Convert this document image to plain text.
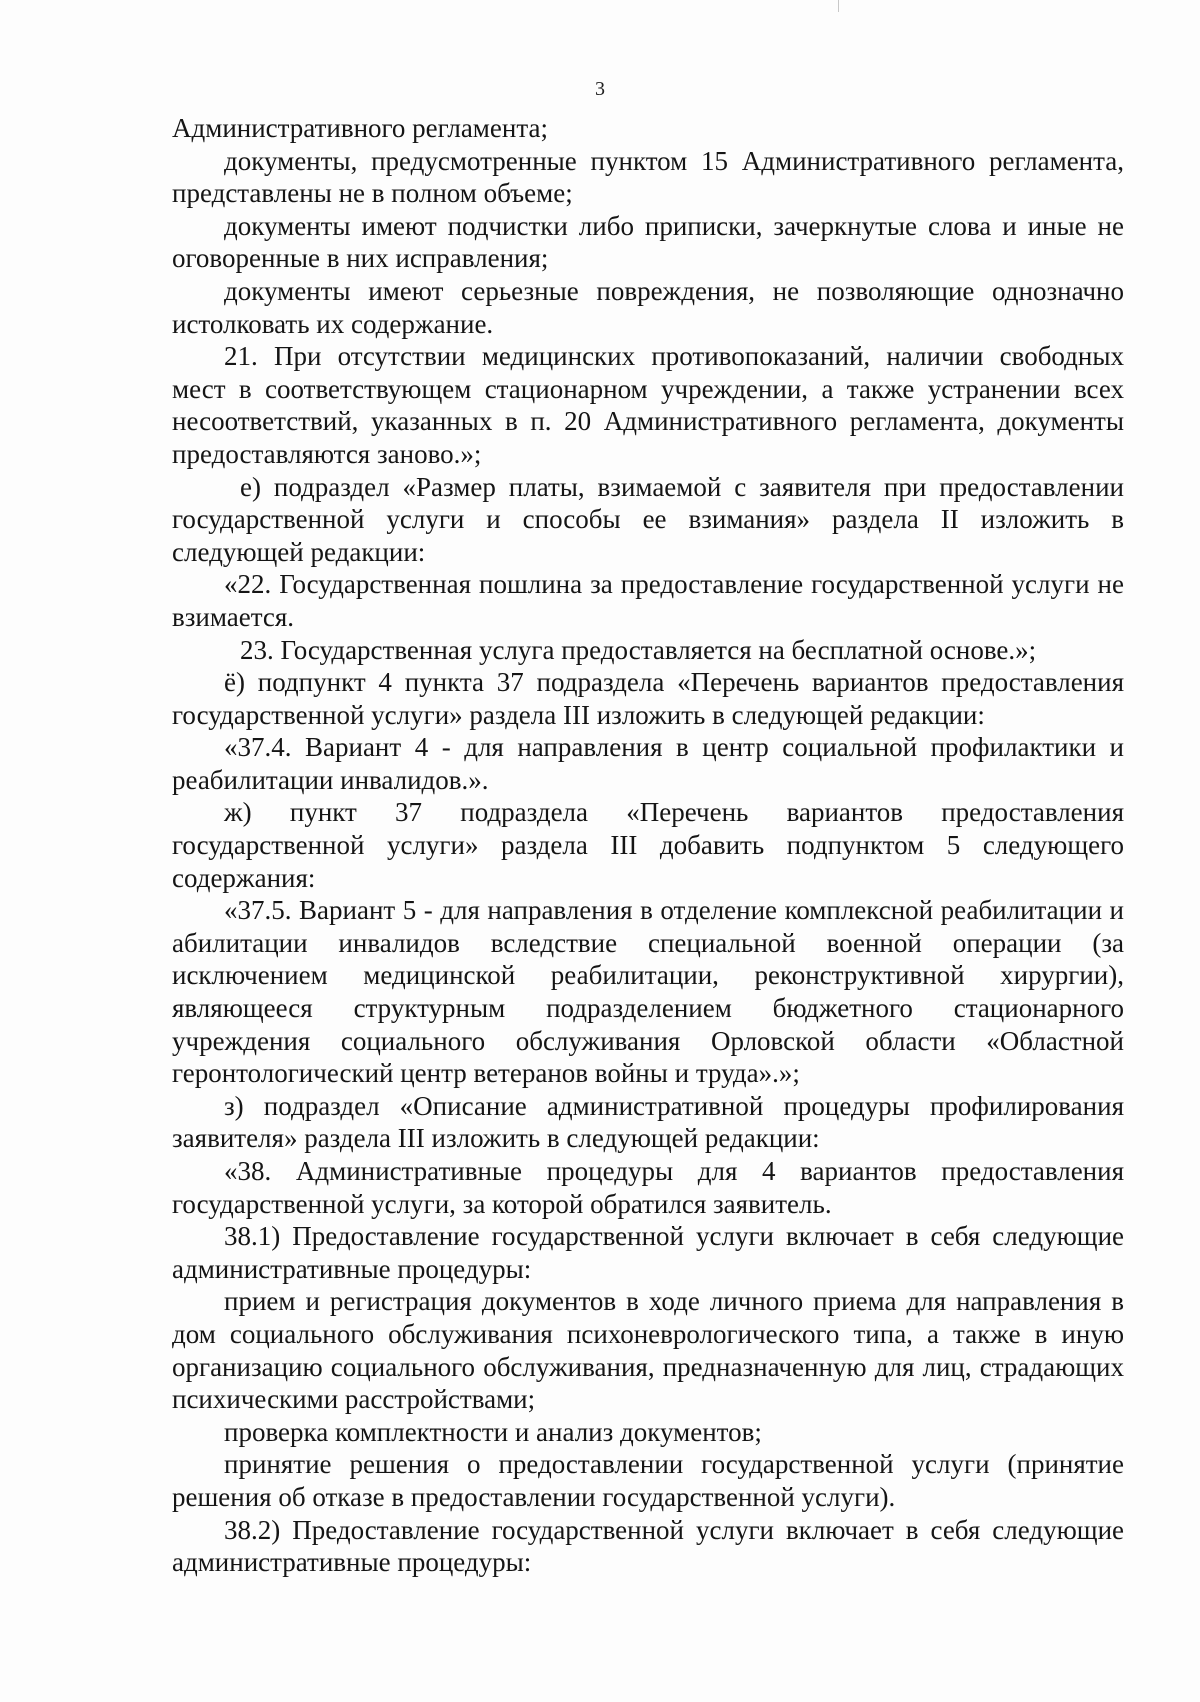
3

Административного регламента;

документы, предусмотренные пунктом 15 Административного регламента, представлены не в полном объеме;

документы имеют подчистки либо приписки, зачеркнутые слова и иные не оговоренные в них исправления;

документы имеют серьезные повреждения, не позволяющие однозначно истолковать их содержание.

21. При отсутствии медицинских противопоказаний, наличии свободных мест в соответствующем стационарном учреждении, а также устранении всех несоответствий, указанных в п. 20 Административного регламента, документы предоставляются заново.»;

е) подраздел «Размер платы, взимаемой с заявителя при предоставлении государственной услуги и способы ее взимания» раздела II изложить в следующей редакции:

«22. Государственная пошлина за предоставление государственной услуги не взимается.

23. Государственная услуга предоставляется на бесплатной основе.»;

ё) подпункт 4 пункта 37 подраздела «Перечень вариантов предоставления государственной услуги» раздела III изложить в следующей редакции:

«37.4. Вариант 4 - для направления в центр социальной профилактики и реабилитации инвалидов.».

ж) пункт 37 подраздела «Перечень вариантов предоставления государственной услуги» раздела III добавить подпунктом 5 следующего содержания:

«37.5. Вариант 5 - для направления в отделение комплексной реабилитации и абилитации инвалидов вследствие специальной военной операции (за исключением медицинской реабилитации, реконструктивной хирургии), являющееся структурным подразделением бюджетного стационарного учреждения социального обслуживания Орловской области «Областной геронтологический центр ветеранов войны и труда».»;

з) подраздел «Описание административной процедуры профилирования заявителя» раздела III изложить в следующей редакции:

«38. Административные процедуры для 4 вариантов предоставления государственной услуги, за которой обратился заявитель.

38.1) Предоставление государственной услуги включает в себя следующие административные процедуры:

прием и регистрация документов в ходе личного приема для направления в дом социального обслуживания психоневрологического типа, а также в иную организацию социального обслуживания, предназначенную для лиц, страдающих психическими расстройствами;

проверка комплектности и анализ документов;

принятие решения о предоставлении государственной услуги (принятие решения об отказе в предоставлении государственной услуги).

38.2) Предоставление государственной услуги включает в себя следующие административные процедуры:
